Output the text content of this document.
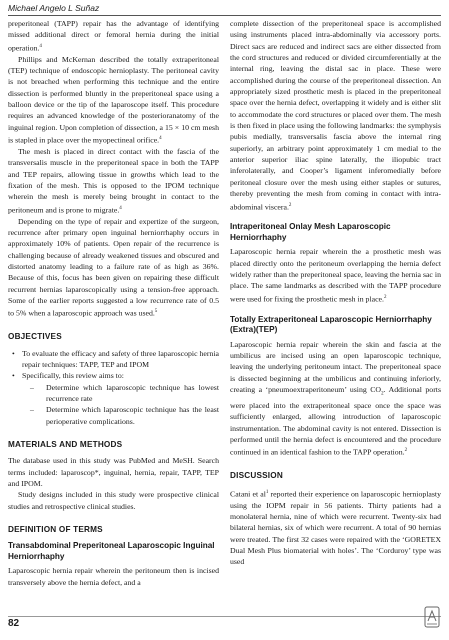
Michael Angelo L Suñaz

preperitoneal (TAPP) repair has the advantage of identifying missed additional direct or femoral hernia during the initial operation.$^4$

Phillips and McKernan described the totally extraperitoneal (TEP) technique of endoscopic hernioplasty. The peritoneal cavity is not breached when performing this technique and the entire dissection is performed bluntly in the preperitoneal space using a balloon device or the tip of the laparoscope itself. This procedure requires an advanced knowledge of the posterioranatomy of the inguinal region. Upon completion of dissection, a 15 × 10 cm mesh is stapled in place over the myopectineal orifice.$^4$

The mesh is placed in direct contact with the fascia of the transversalis muscle in the preperitoneal space in both the TAPP and TEP repairs, allowing tissue in growths which lead to the fixation of the mesh. This is opposed to the IPOM technique wherein the mesh is merely being brought in contact to the peritoneum and is prone to migrate.$^4$

Depending on the type of repair and expertize of the surgeon, recurrence after primary open inguinal herniorrhaphy occurs in approximately 10% of patients. Open repair of the recurrence is challenging because of already weakened tissues and obscured and distorted anatomy leading to a failure rate of as high as 36%. Because of this, focus has been given on repairing these difficult recurrent hernias laparoscopically using a tension-free approach. Some of the earlier reports suggested a low recurrence rate of 0.5 to 5% when a laparoscopic approach was used.$^5$

OBJECTIVES
• To evaluate the efficacy and safety of three laparoscopic hernia repair techniques: TAPP, TEP and IPOM
• Specifically, this review aims to:
– Determine which laparoscopic technique has lowest recurrence rate
– Determine which laparoscopic technique has the least perioperative complications.
MATERIALS AND METHODS

The database used in this study was PubMed and MeSH. Search terms included: laparoscop*, inguinal, hernia, repair, TAPP, TEP and IPOM.

Study designs included in this study were prospective clinical studies and retrospective clinical studies.

DEFINITION OF TERMS
Transabdominal Preperitoneal Laparoscopic Inguinal Herniorrhaphy

Laparoscopic hernia repair wherein the peritoneum then is incised transversely above the hernia defect, and a

complete dissection of the preperitoneal space is accomplished using instruments placed intra-abdominally via accessory ports. Direct sacs are reduced and indirect sacs are either dissected from the cord structures and reduced or divided circumferentially at the internal ring, leaving the distal sac in place. These were accomplished during the course of the preperitoneal dissection. An appropriately sized prosthetic mesh is placed in the preperitoneal space over the hernia defect, overlapping it widely and is either slit to accommodate the cord structures or placed over them. The mesh is then fixed in place using the following landmarks: the symphysis pubis medially, transversalis fascia above the internal ring superiorly, an arbitrary point approximately 1 cm medial to the anterior superior iliac spine laterally, the iliopubic tract inferolaterally, and Cooper’s ligament inferomedially before peritoneal closure over the mesh using either staples or sutures, thereby preventing the mesh from coming in contact with intra-abdominal viscera.$^2$

Intraperitoneal Onlay Mesh Laparoscopic Herniorrhaphy

Laparoscopic hernia repair wherein the a prosthetic mesh was placed directly onto the peritoneum overlapping the hernia defect widely rather than the preperitoneal space, leaving the hernia sac in place. The same landmarks as described with the TAPP procedure were used for fixing the prosthetic mesh in place.$^2$

Totally Extraperitoneal Laparoscopic Herniorrhaphy (Extra)(TEP)

Laparoscopic hernia repair wherein the skin and fascia at the umbilicus are incised using an open laparoscopic technique, leaving the underlying peritoneum intact. The preperitoneal space is dissected beginning at the umbilicus and continuing inferiorly, creating a ‘pneumoextraperitoneum’ using $CO_2$. Additional ports were placed into the extraperitoneal space once the space was sufficiently enlarged, allowing introduction of laparoscopic instrumentation. The abdominal cavity is not entered. Dissection is performed until the hernia defect is encountered and the procedure continued in an identical fashion to the TAPP operation.$^2$

DISCUSSION

Catani et $al^1$ reported their experience on laparoscopic hernioplasty using the IOPM repair in 56 patients. Thirty patients had a monolateral hernia, nine of which were recurrent. Twenty-six had bilateral hernias, six of which were recurrent. A total of 90 hernias were treated. The first 32 cases were repaired with the ‘GORETEX Dual Mesh Plus biomaterial with holes’. The ‘Corduroy’ type was used

82
